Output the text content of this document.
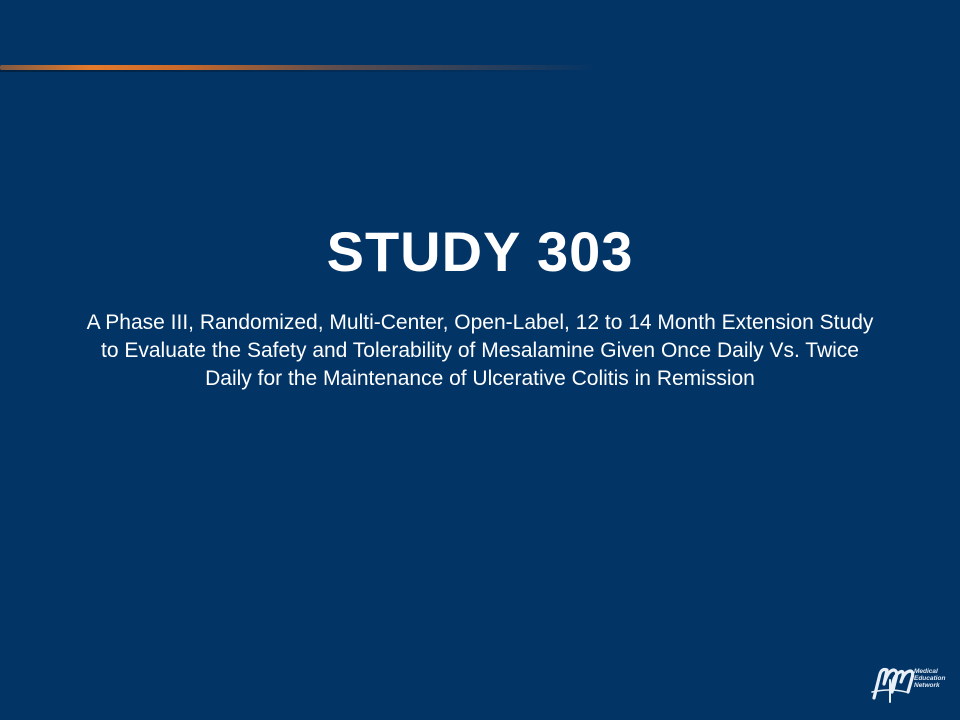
STUDY 303

A Phase III, Randomized, Multi-Center, Open-Label, 12 to 14 Month Extension Study to Evaluate the Safety and Tolerability of Mesalamine Given Once Daily Vs. Twice Daily for the Maintenance of Ulcerative Colitis in Remission

Medical
Education
Network
